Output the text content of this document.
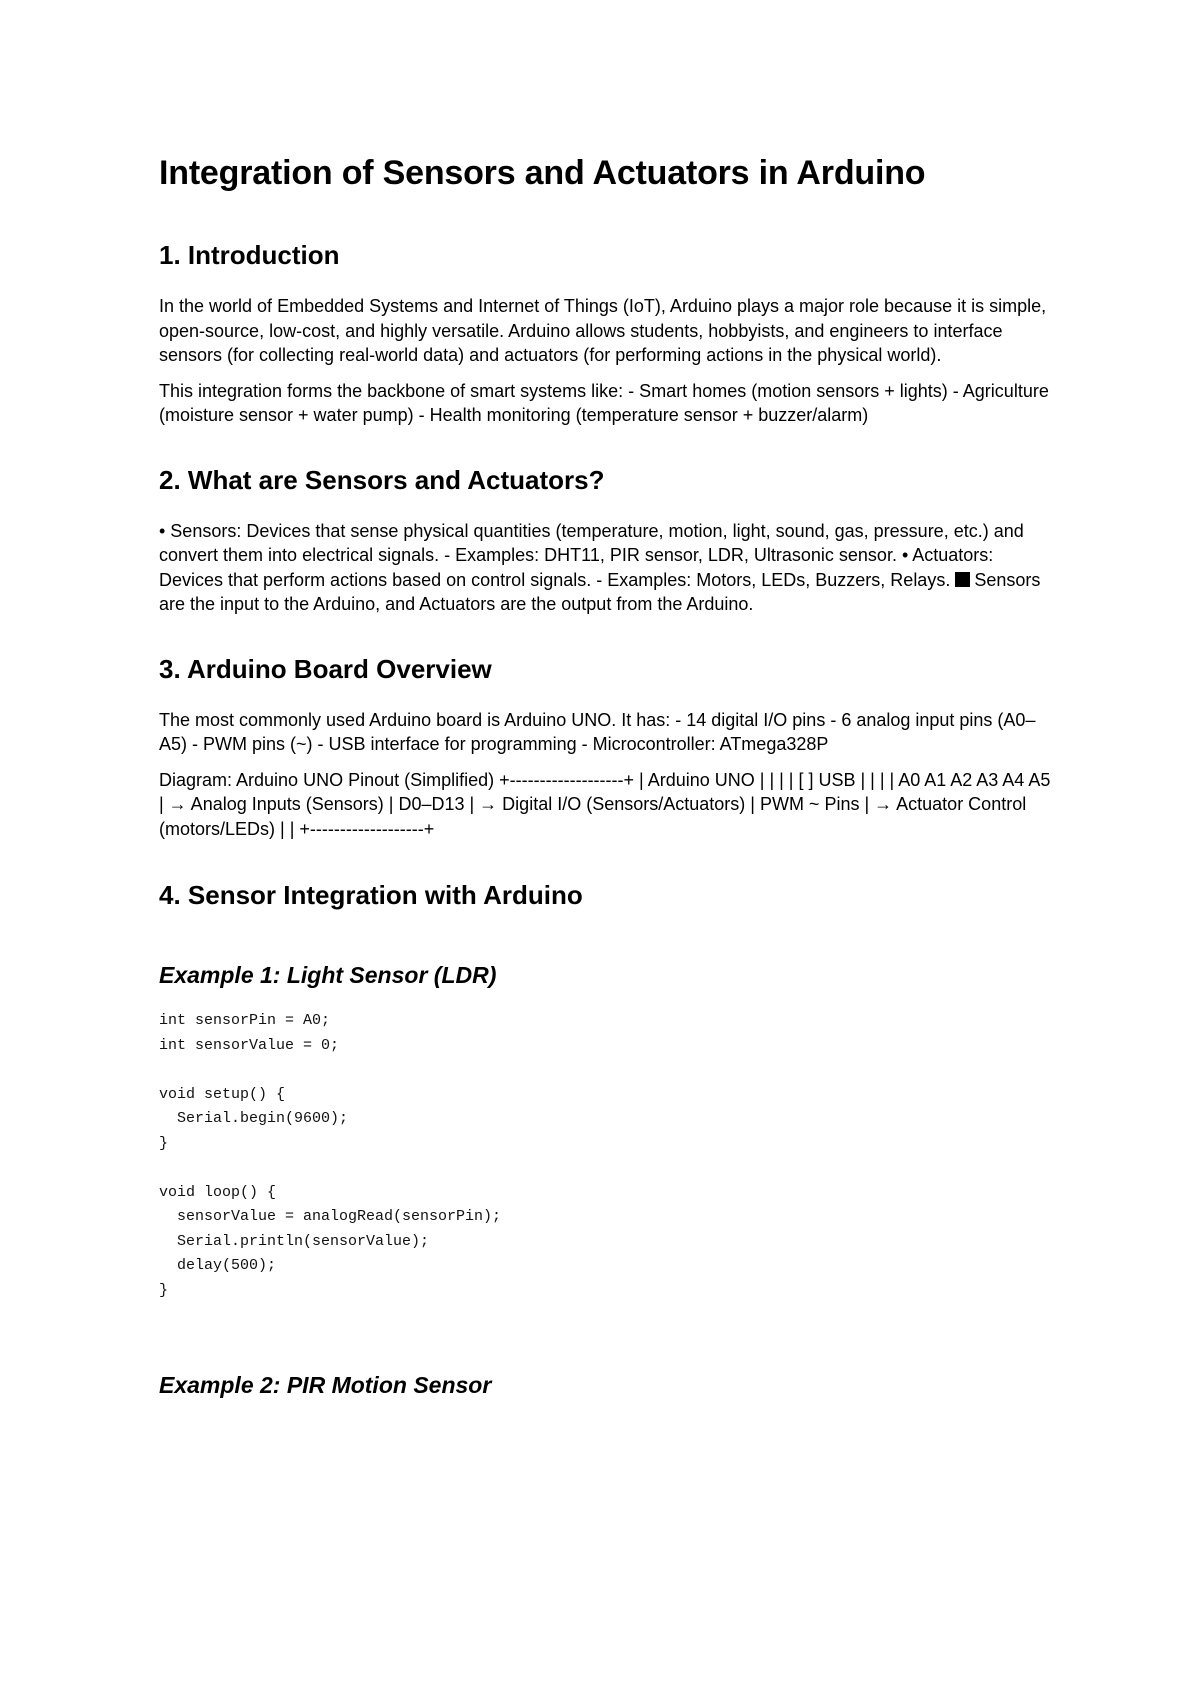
Integration of Sensors and Actuators in Arduino
1. Introduction

In the world of Embedded Systems and Internet of Things (IoT), Arduino plays a major role because it is simple, open-source, low-cost, and highly versatile. Arduino allows students, hobbyists, and engineers to interface sensors (for collecting real-world data) and actuators (for performing actions in the physical world).

This integration forms the backbone of smart systems like: - Smart homes (motion sensors + lights) - Agriculture (moisture sensor + water pump) - Health monitoring (temperature sensor + buzzer/alarm)

2. What are Sensors and Actuators?

• Sensors: Devices that sense physical quantities (temperature, motion, light, sound, gas, pressure, etc.) and convert them into electrical signals. - Examples: DHT11, PIR sensor, LDR, Ultrasonic sensor. • Actuators: Devices that perform actions based on control signals. - Examples: Motors, LEDs, Buzzers, Relays. Sensors are the input to the Arduino, and Actuators are the output from the Arduino.

3. Arduino Board Overview

The most commonly used Arduino board is Arduino UNO. It has: - 14 digital I/O pins - 6 analog input pins (A0–A5) - PWM pins (~) - USB interface for programming - Microcontroller: ATmega328P

Diagram: Arduino UNO Pinout (Simplified) +-------------------+ | Arduino UNO | | | | [ ] USB | | | | A0 A1 A2 A3 A4 A5 | → Analog Inputs (Sensors) | D0–D13 | → Digital I/O (Sensors/Actuators) | PWM ~ Pins | → Actuator Control (motors/LEDs) | | +-------------------+

4. Sensor Integration with Arduino
Example 1: Light Sensor (LDR)
int sensorPin = A0;
int sensorValue = 0;

void setup() {
Serial.begin(9600);
}

void loop() {
sensorValue = analogRead(sensorPin);
Serial.println(sensorValue);
delay(500);
}
Example 2: PIR Motion Sensor
